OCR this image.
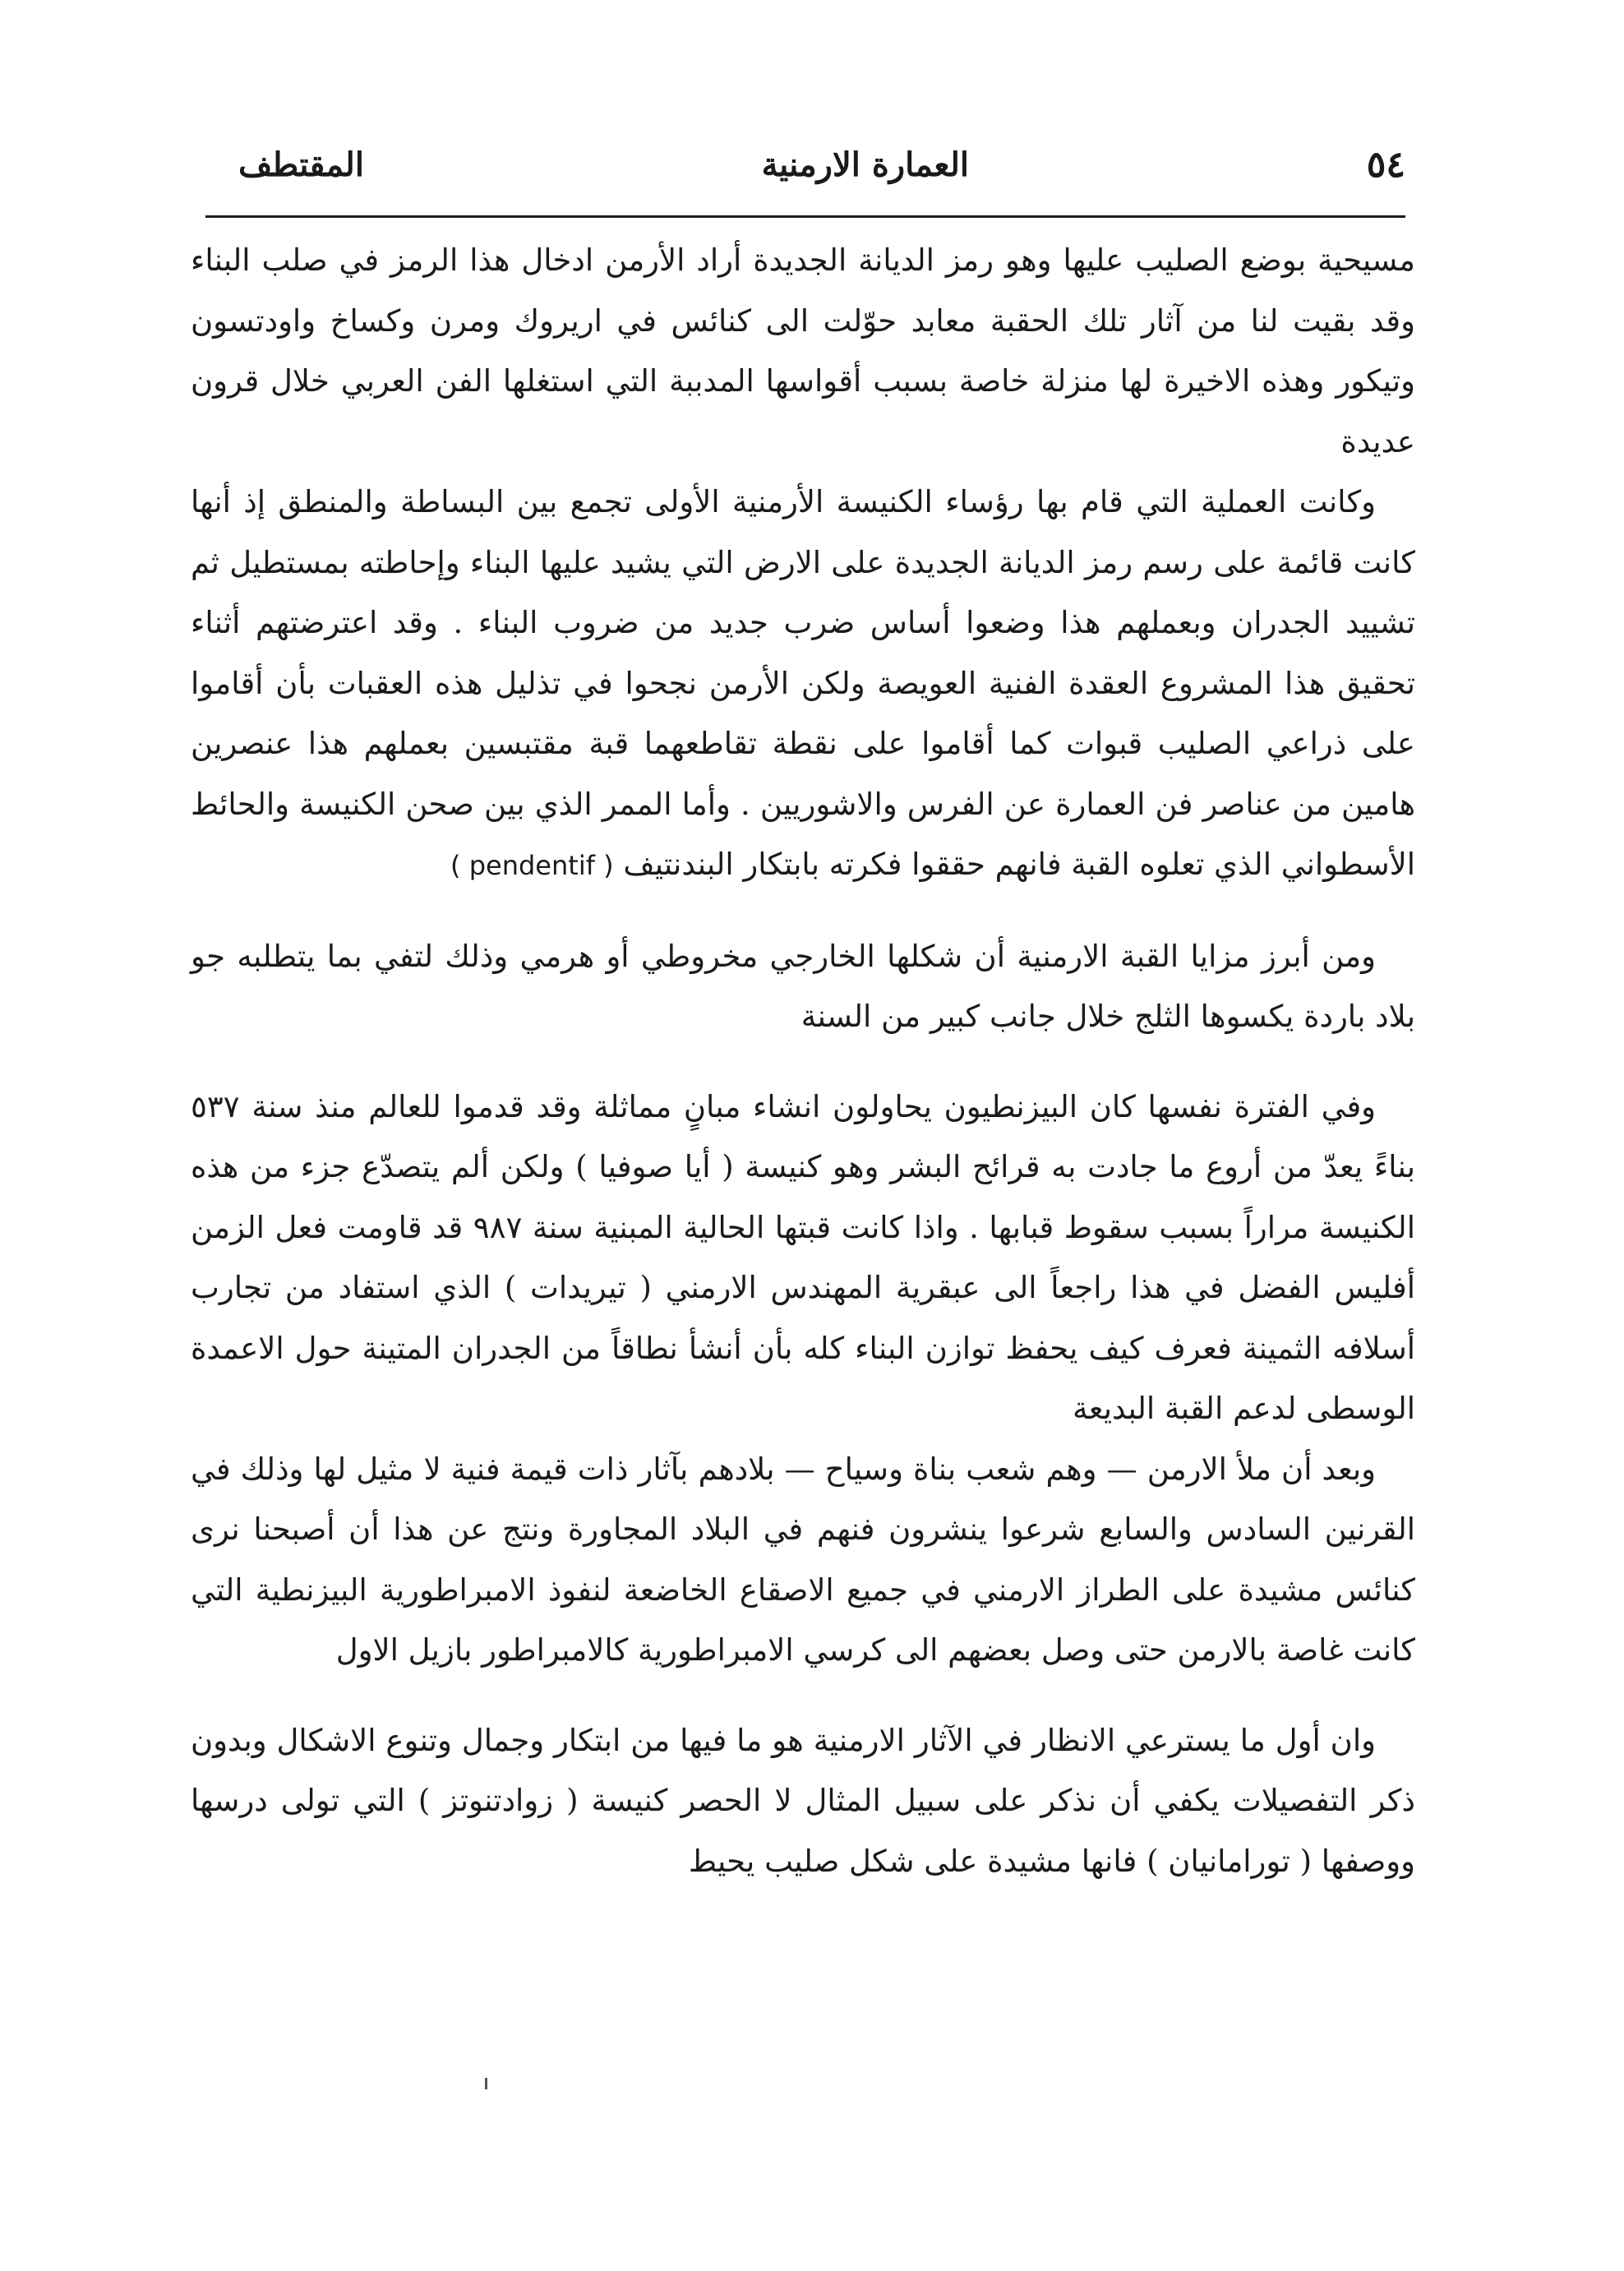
٥٤
العمارة الارمنية
المقتطف

مسيحية بوضع الصليب عليها وهو رمز الديانة الجديدة أراد الأرمن ادخال هذا الرمز في صلب البناء وقد بقيت لنا من آثار تلك الحقبة معابد حوّلت الى كنائس في اريروك ومرن وكساخ واودتسون وتيكور وهذه الاخيرة لها منزلة خاصة بسبب أقواسها المدببة التي استغلها الفن العربي خلال قرون عديدة

وكانت العملية التي قام بها رؤساء الكنيسة الأرمنية الأولى تجمع بين البساطة والمنطق إذ أنها كانت قائمة على رسم رمز الديانة الجديدة على الارض التي يشيد عليها البناء وإحاطته بمستطيل ثم تشييد الجدران وبعملهم هذا وضعوا أساس ضرب جديد من ضروب البناء . وقد اعترضتهم أثناء تحقيق هذا المشروع العقدة الفنية العويصة ولكن الأرمن نجحوا في تذليل هذه العقبات بأن أقاموا على ذراعي الصليب قبوات كما أقاموا على نقطة تقاطعهما قبة مقتبسين بعملهم هذا عنصرين هامين من عناصر فن العمارة عن الفرس والاشوريين . وأما الممر الذي بين صحن الكنيسة والحائط الأسطواني الذي تعلوه القبة فانهم حققوا فكرته بابتكار البندنتيف ( pendentif )

ومن أبرز مزايا القبة الارمنية أن شكلها الخارجي مخروطي أو هرمي وذلك لتفي بما يتطلبه جو بلاد باردة يكسوها الثلج خلال جانب كبير من السنة

وفي الفترة نفسها كان البيزنطيون يحاولون انشاء مبانٍ مماثلة وقد قدموا للعالم منذ سنة ٥٣٧ بناءً يعدّ من أروع ما جادت به قرائح البشر وهو كنيسة ( أيا صوفيا ) ولكن ألم يتصدّع جزء من هذه الكنيسة مراراً بسبب سقوط قبابها . واذا كانت قبتها الحالية المبنية سنة ٩٨٧ قد قاومت فعل الزمن أفليس الفضل في هذا راجعاً الى عبقرية المهندس الارمني ( تيريدات ) الذي استفاد من تجارب أسلافه الثمينة فعرف كيف يحفظ توازن البناء كله بأن أنشأ نطاقاً من الجدران المتينة حول الاعمدة الوسطى لدعم القبة البديعة

وبعد أن ملأ الارمن — وهم شعب بناة وسياح — بلادهم بآثار ذات قيمة فنية لا مثيل لها وذلك في القرنين السادس والسابع شرعوا ينشرون فنهم في البلاد المجاورة ونتج عن هذا أن أصبحنا نرى كنائس مشيدة على الطراز الارمني في جميع الاصقاع الخاضعة لنفوذ الامبراطورية البيزنطية التي كانت غاصة بالارمن حتى وصل بعضهم الى كرسي الامبراطورية كالامبراطور بازيل الاول

وان أول ما يسترعي الانظار في الآثار الارمنية هو ما فيها من ابتكار وجمال وتنوع الاشكال وبدون ذكر التفصيلات يكفي أن نذكر على سبيل المثال لا الحصر كنيسة ( زوادتنوتز ) التي تولى درسها ووصفها ( تورامانيان ) فانها مشيدة على شكل صليب يحيط
